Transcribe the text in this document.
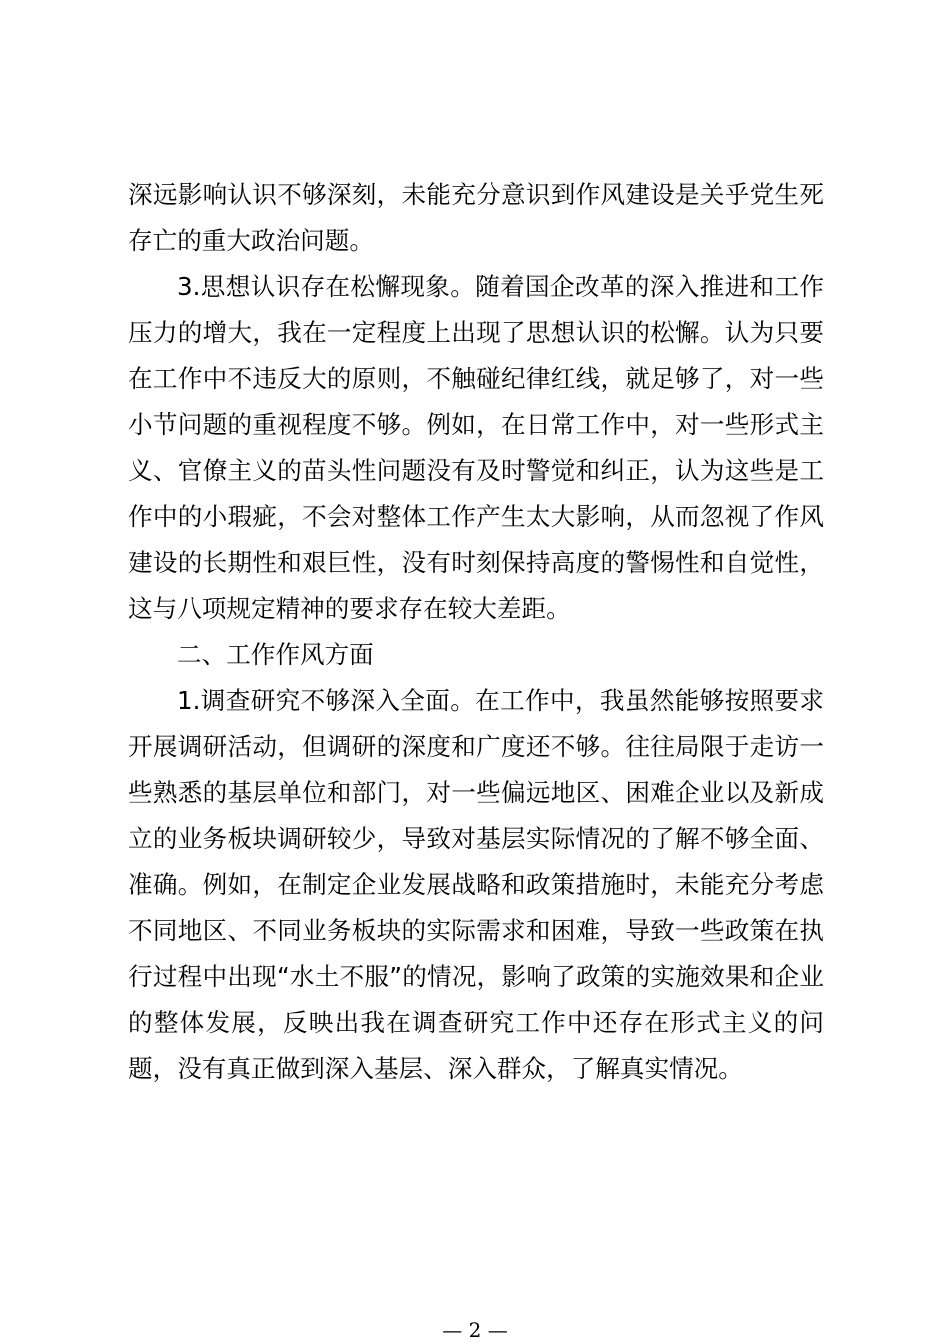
深远影响认识不够深刻，未能充分意识到作风建设是关乎党生死存亡的重大政治问题。

3.思想认识存在松懈现象。随着国企改革的深入推进和工作压力的增大，我在一定程度上出现了思想认识的松懈。认为只要在工作中不违反大的原则，不触碰纪律红线，就足够了，对一些小节问题的重视程度不够。例如，在日常工作中，对一些形式主义、官僚主义的苗头性问题没有及时警觉和纠正，认为这些是工作中的小瑕疵，不会对整体工作产生太大影响，从而忽视了作风建设的长期性和艰巨性，没有时刻保持高度的警惕性和自觉性，这与八项规定精神的要求存在较大差距。

二、工作作风方面

1.调查研究不够深入全面。在工作中，我虽然能够按照要求开展调研活动，但调研的深度和广度还不够。往往局限于走访一些熟悉的基层单位和部门，对一些偏远地区、困难企业以及新成立的业务板块调研较少，导致对基层实际情况的了解不够全面、准确。例如，在制定企业发展战略和政策措施时，未能充分考虑不同地区、不同业务板块的实际需求和困难，导致一些政策在执行过程中出现“水土不服”的情况，影响了政策的实施效果和企业的整体发展，反映出我在调查研究工作中还存在形式主义的问题，没有真正做到深入基层、深入群众，了解真实情况。

— 2 —
